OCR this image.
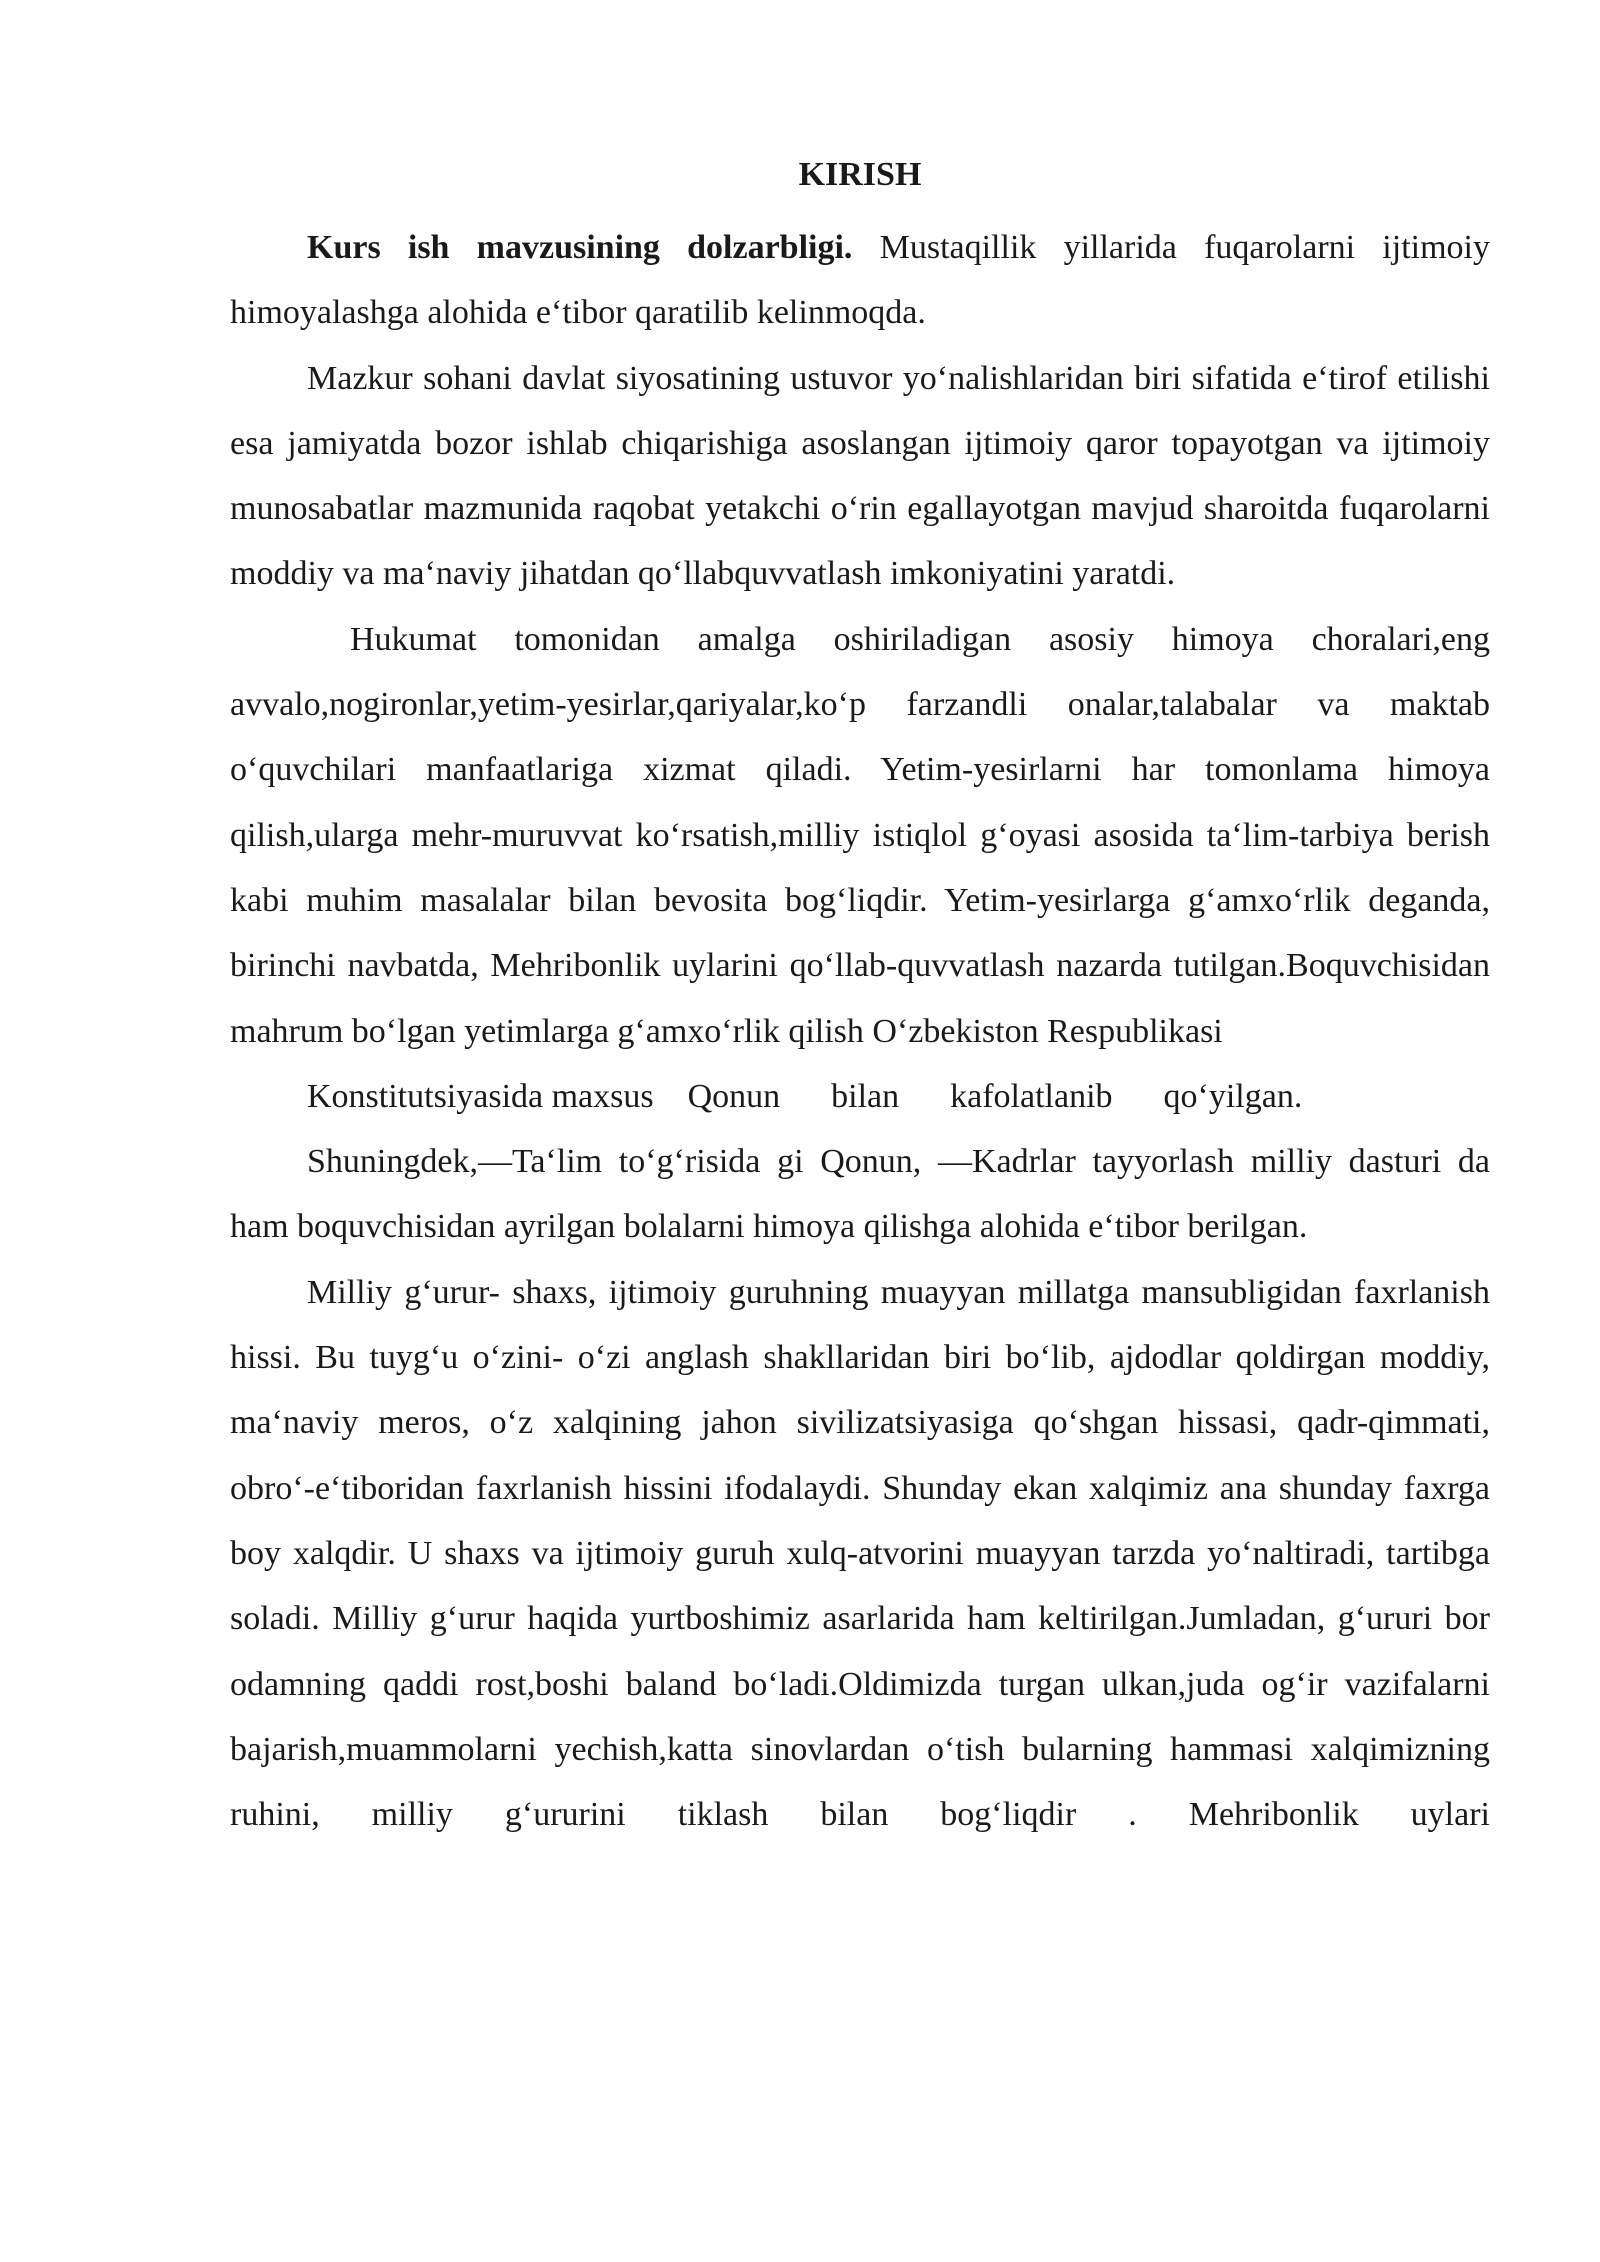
KIRISH

Kurs ish mavzusining dolzarbligi. Mustaqillik yillarida fuqarolarni ijtimoiy himoyalashga alohida e‘tibor qaratilib kelinmoqda.

Mazkur sohani davlat siyosatining ustuvor yo‘nalishlaridan biri sifatida e‘tirof etilishi esa jamiyatda bozor ishlab chiqarishiga asoslangan ijtimoiy qaror topayotgan va ijtimoiy munosabatlar mazmunida raqobat yetakchi o‘rin egallayotgan mavjud sharoitda fuqarolarni moddiy va ma‘naviy jihatdan qo‘llabquvvatlash imkoniyatini yaratdi.

Hukumat tomonidan amalga oshiriladigan asosiy himoya choralari,eng avvalo,nogironlar,yetim-yesirlar,qariyalar,ko‘p farzandli onalar,talabalar va maktab o‘quvchilari manfaatlariga xizmat qiladi. Yetim-yesirlarni har tomonlama himoya qilish,ularga mehr-muruvvat ko‘rsatish,milliy istiqlol g‘oyasi asosida ta‘lim-tarbiya berish kabi muhim masalalar bilan bevosita bog‘liqdir. Yetim-yesirlarga g‘amxo‘rlik deganda, birinchi navbatda, Mehribonlik uylarini qo‘llab-quvvatlash nazarda tutilgan.Boquvchisidan mahrum bo‘lgan yetimlarga g‘amxo‘rlik qilish O‘zbekiston Respublikasi

Konstitutsiyasida maxsus    Qonun      bilan      kafolatlanib      qo‘yilgan.

Shuningdek,—Ta‘lim to‘g‘risida gi Qonun, —Kadrlar tayyorlash milliy dasturi da ham boquvchisidan ayrilgan bolalarni himoya qilishga alohida e‘tibor berilgan.

Milliy g‘urur- shaxs, ijtimoiy guruhning muayyan millatga mansubligidan faxrlanish hissi. Bu tuyg‘u o‘zini- o‘zi anglash shakllaridan biri bo‘lib, ajdodlar qoldirgan moddiy, ma‘naviy meros, o‘z xalqining jahon sivilizatsiyasiga qo‘shgan hissasi, qadr-qimmati, obro‘-e‘tiboridan faxrlanish hissini ifodalaydi. Shunday ekan xalqimiz ana shunday faxrga boy xalqdir. U shaxs va ijtimoiy guruh xulq-atvorini muayyan tarzda yo‘naltiradi, tartibga soladi. Milliy g‘urur haqida yurtboshimiz asarlarida ham keltirilgan.Jumladan, g‘ururi bor odamning qaddi rost,boshi baland bo‘ladi.Oldimizda turgan ulkan,juda og‘ir vazifalarni bajarish,muammolarni yechish,katta sinovlardan o‘tish bularning hammasi xalqimizning ruhini, milliy g‘ururini tiklash bilan bog‘liqdir . Mehribonlik uylari
